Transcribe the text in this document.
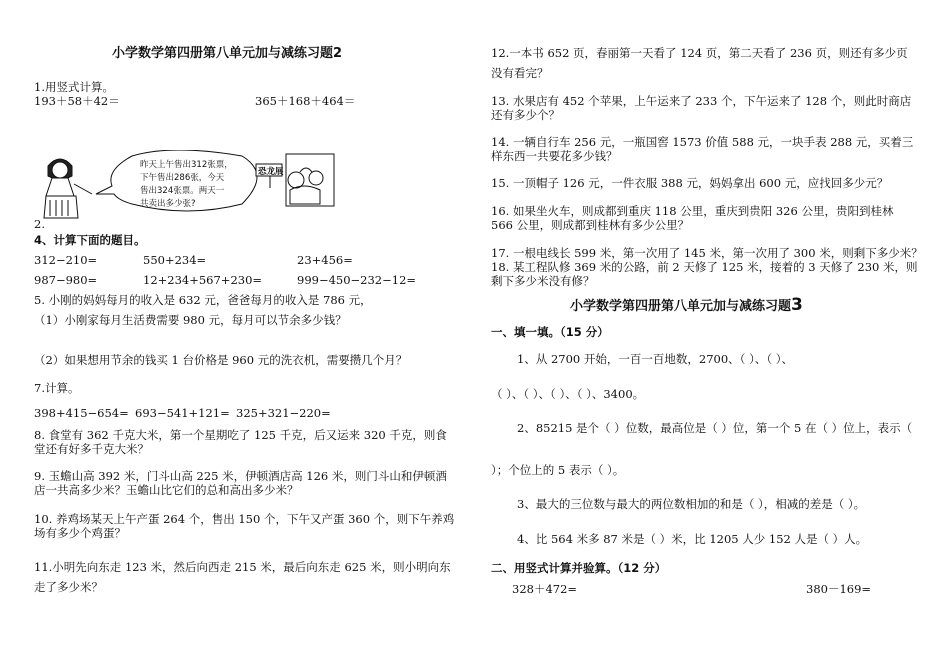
小学数学第四册第八单元加与减练习题2
1.用竖式计算。
193＋58＋42＝	365＋168＋464＝
恐龙展
昨天上午售出312张票，
下午售出286张，今天
售出324张票。两天一
共卖出多少张?
2.
4、计算下面的题目。
312−210=	550+234=	23+456=
987−980=	12+234+567+230=	999−450−232−12=
5. 小刚的妈妈每月的收入是 632 元，爸爸每月的收入是 786 元，
（1）小刚家每月生活费需要 980 元，每月可以节余多少钱？
（2）如果想用节余的钱买 1 台价格是 960 元的洗衣机，需要攒几个月？
7.计算。
398+415−654= 693−541+121= 325+321−220=
8. 食堂有 362 千克大米，第一个星期吃了 125 千克，后又运来 320 千克，则食
堂还有好多千克大米？
9. 玉蟾山高 392 米，门斗山高 225 米，伊顿酒店高 126 米，则门斗山和伊顿酒
店一共高多少米？玉蟾山比它们的总和高出多少米？
10. 养鸡场某天上午产蛋 264 个，售出 150 个，下午又产蛋 360 个，则下午养鸡
场有多少个鸡蛋？
11.小明先向东走 123 米，然后向西走 215 米，最后向东走 625 米，则小明向东
走了多少米？
12.一本书 652 页，春丽第一天看了 124 页，第二天看了 236 页，则还有多少页
没有看完？
13. 水果店有 452 个苹果，上午运来了 233 个，下午运来了 128 个，则此时商店
还有多少个？
14. 一辆自行车 256 元，一瓶国窖 1573 价值 588 元，一块手表 288 元，买着三
样东西一共要花多少钱？
15. 一顶帽子 126 元，一件衣服 388 元，妈妈拿出 600 元，应找回多少元？
16. 如果坐火车，则成都到重庆 118 公里，重庆到贵阳 326 公里，贵阳到桂林
566 公里，则成都到桂林有多少公里？
17. 一根电线长 599 米，第一次用了 145 米，第一次用了 300 米，则剩下多少米？
18. 某工程队修 369 米的公路，前 2 天修了 125 米，接着的 3 天修了 230 米，则
剩下多少米没有修？
小学数学第四册第八单元加与减练习题3
一、填一填。（15 分）
1、从 2700 开始，一百一百地数，2700、（ ）、（ ）、
（ ）、（ ）、（ ）、（ ）、3400。
2、85215 是个（ ）位数，最高位是（ ）位，第一个 5 在（ ）位上，表示（
）；个位上的 5 表示（ ）。
3、最大的三位数与最大的两位数相加的和是（ ），相减的差是（ ）。
4、比 564 米多 87 米是（ ）米，比 1205 人少 152 人是（ ）人。
二、用竖式计算并验算。（12 分）
328＋472=	380－169=
